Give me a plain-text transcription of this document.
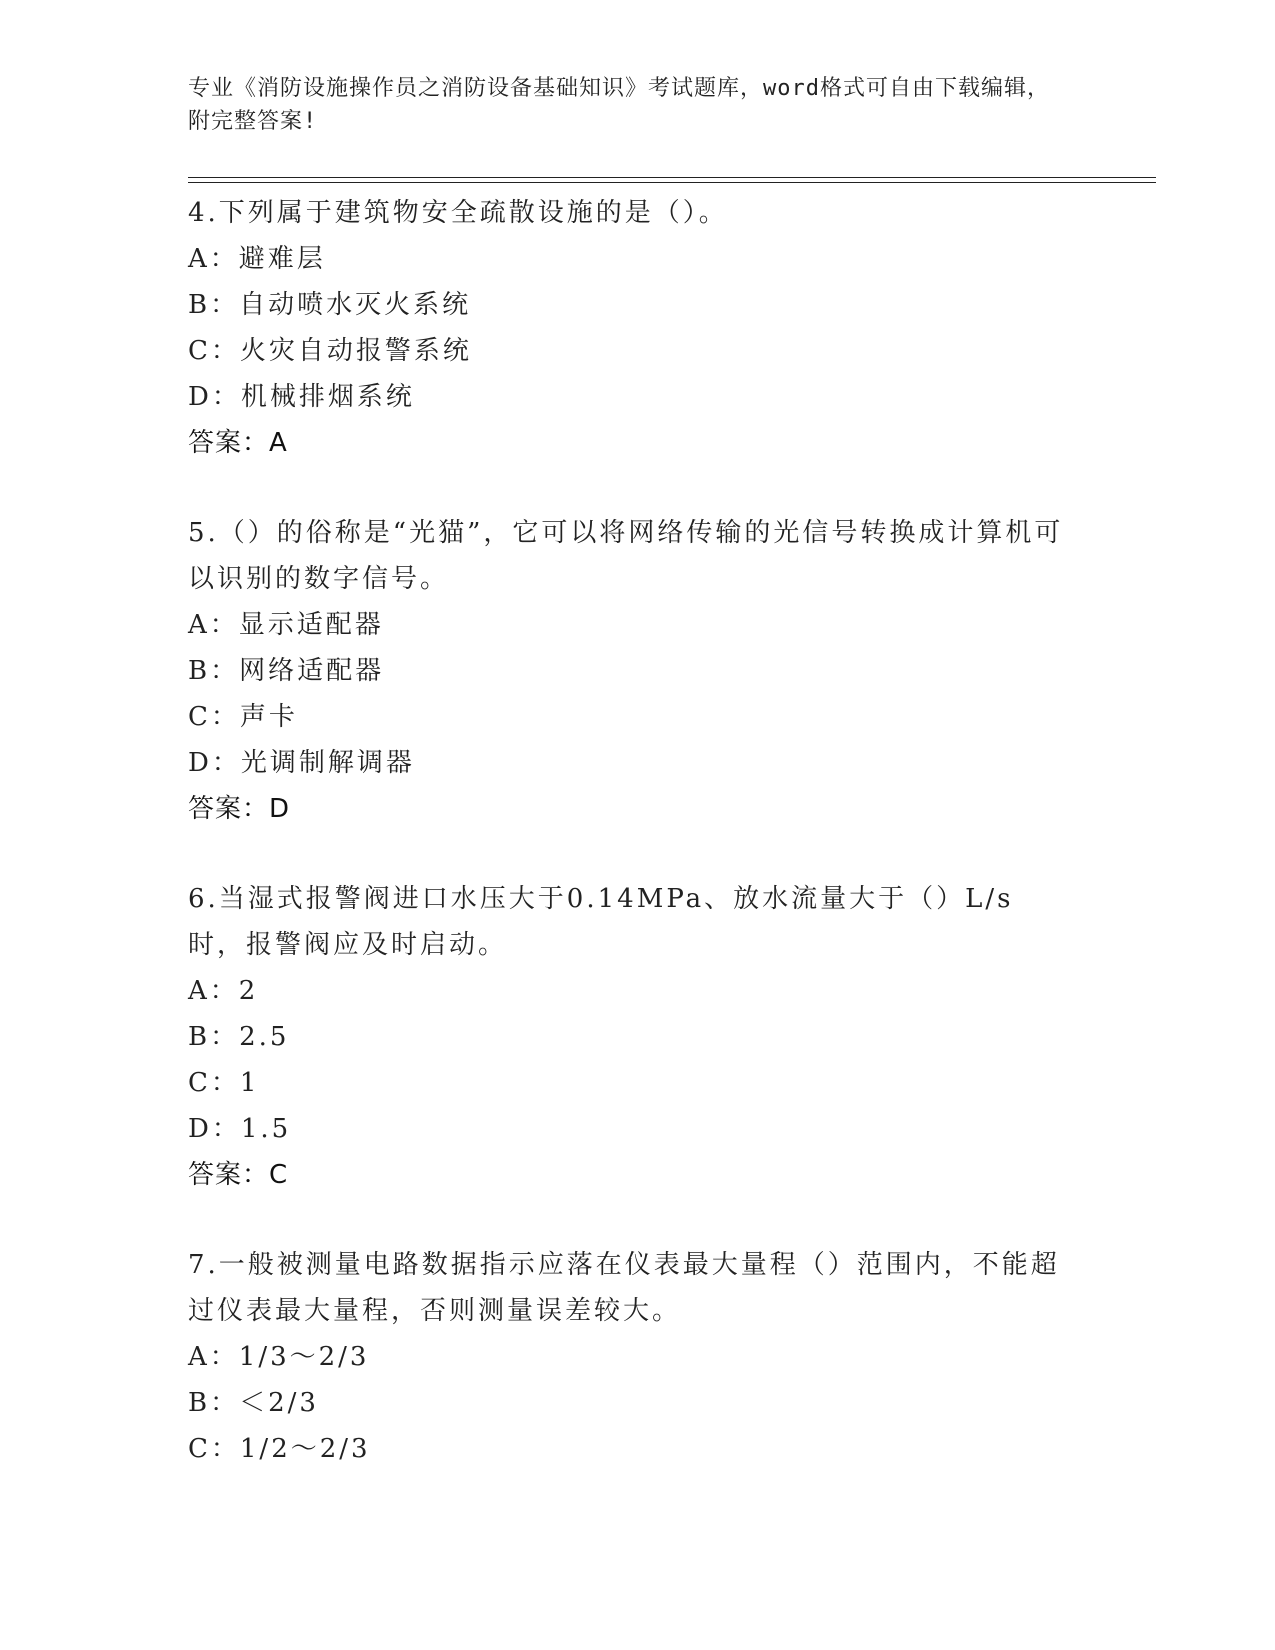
专业《消防设施操作员之消防设备基础知识》考试题库，word格式可自由下载编辑，附完整答案!
4.下列属于建筑物安全疏散设施的是（）。
A：避难层
B：自动喷水灭火系统
C：火灾自动报警系统
D：机械排烟系统
答案：A
5.（）的俗称是“光猫”，它可以将网络传输的光信号转换成计算机可以识别的数字信号。
A：显示适配器
B：网络适配器
C：声卡
D：光调制解调器
答案：D
6.当湿式报警阀进口水压大于0.14MPa、放水流量大于（）L/s时，报警阀应及时启动。
A：2
B：2.5
C：1
D：1.5
答案：C
7.一般被测量电路数据指示应落在仪表最大量程（）范围内，不能超过仪表最大量程，否则测量误差较大。
A：1/3～2/3
B：＜2/3
C：1/2～2/3
